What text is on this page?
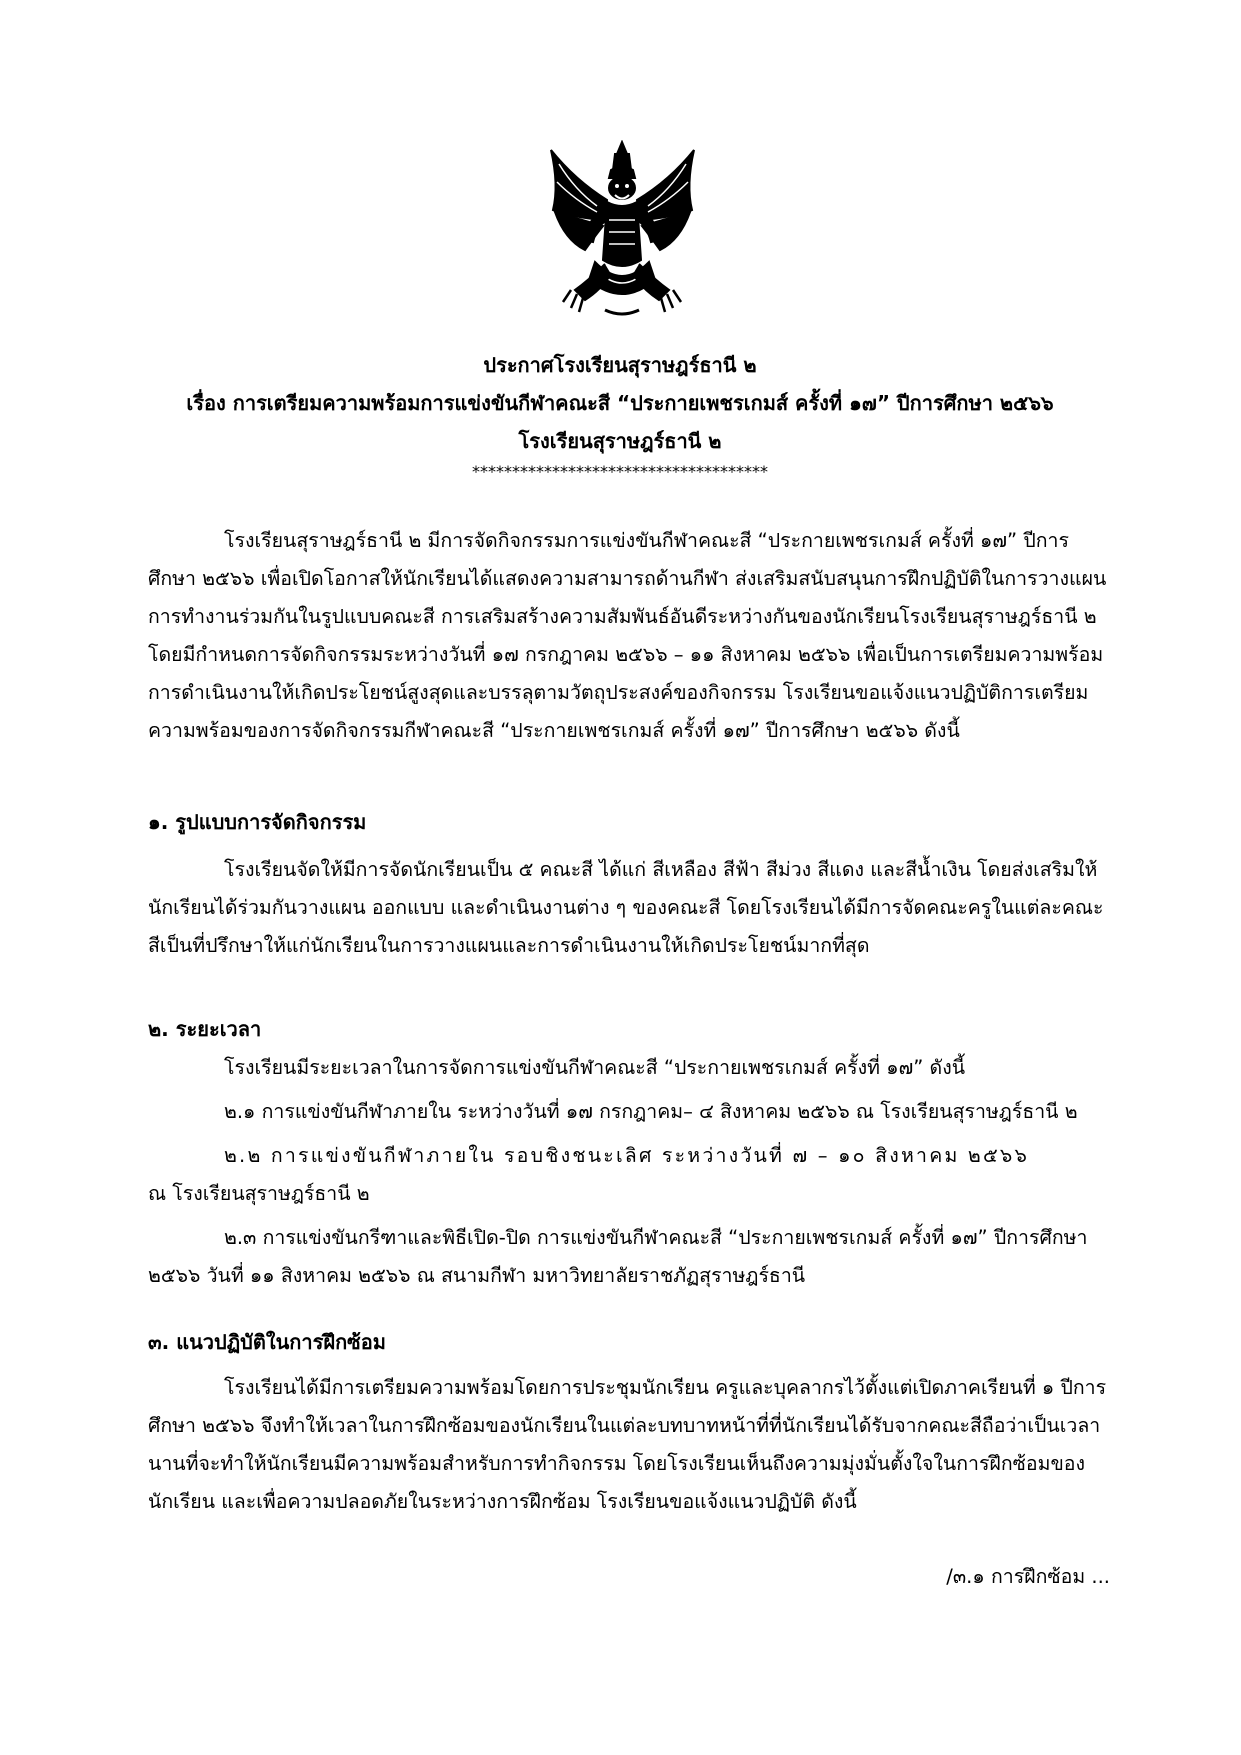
ประกาศโรงเรียนสุราษฎร์ธานี ๒
เรื่อง การเตรียมความพร้อมการแข่งขันกีฬาคณะสี “ประกายเพชรเกมส์ ครั้งที่ ๑๗” ปีการศึกษา ๒๕๖๖
โรงเรียนสุราษฎร์ธานี ๒
*************************************
โรงเรียนสุราษฎร์ธานี ๒ มีการจัดกิจกรรมการแข่งขันกีฬาคณะสี “ประกายเพชรเกมส์ ครั้งที่ ๑๗” ปีการศึกษา ๒๕๖๖ เพื่อเปิดโอกาสให้นักเรียนได้แสดงความสามารถด้านกีฬา ส่งเสริมสนับสนุนการฝึกปฏิบัติในการวางแผน การทำงานร่วมกันในรูปแบบคณะสี การเสริมสร้างความสัมพันธ์อันดีระหว่างกันของนักเรียนโรงเรียนสุราษฎร์ธานี ๒ โดยมีกำหนดการจัดกิจกรรมระหว่างวันที่ ๑๗ กรกฎาคม ๒๕๖๖ – ๑๑ สิงหาคม ๒๕๖๖ เพื่อเป็นการเตรียมความพร้อมการดำเนินงานให้เกิดประโยชน์สูงสุดและบรรลุตามวัตถุประสงค์ของกิจกรรม โรงเรียนขอแจ้งแนวปฏิบัติการเตรียมความพร้อมของการจัดกิจกรรมกีฬาคณะสี “ประกายเพชรเกมส์ ครั้งที่ ๑๗” ปีการศึกษา ๒๕๖๖ ดังนี้
๑. รูปแบบการจัดกิจกรรม
โรงเรียนจัดให้มีการจัดนักเรียนเป็น ๕ คณะสี ได้แก่ สีเหลือง สีฟ้า สีม่วง สีแดง และสีน้ำเงิน โดยส่งเสริมให้นักเรียนได้ร่วมกันวางแผน ออกแบบ และดำเนินงานต่าง ๆ ของคณะสี โดยโรงเรียนได้มีการจัดคณะครูในแต่ละคณะสีเป็นที่ปรึกษาให้แก่นักเรียนในการวางแผนและการดำเนินงานให้เกิดประโยชน์มากที่สุด
๒. ระยะเวลา
โรงเรียนมีระยะเวลาในการจัดการแข่งขันกีฬาคณะสี “ประกายเพชรเกมส์ ครั้งที่ ๑๗” ดังนี้
๒.๑ การแข่งขันกีฬาภายใน ระหว่างวันที่ ๑๗ กรกฎาคม– ๔ สิงหาคม ๒๕๖๖ ณ โรงเรียนสุราษฎร์ธานี ๒
๒.๒ การแข่งขันกีฬาภายใน รอบชิงชนะเลิศ ระหว่างวันที่ ๗ – ๑๐ สิงหาคม ๒๕๖๖
ณ โรงเรียนสุราษฎร์ธานี ๒
๒.๓ การแข่งขันกรีฑาและพิธีเปิด-ปิด การแข่งขันกีฬาคณะสี “ประกายเพชรเกมส์ ครั้งที่ ๑๗” ปีการศึกษา ๒๕๖๖ วันที่ ๑๑ สิงหาคม ๒๕๖๖ ณ สนามกีฬา มหาวิทยาลัยราชภัฏสุราษฎร์ธานี
๓. แนวปฏิบัติในการฝึกซ้อม
โรงเรียนได้มีการเตรียมความพร้อมโดยการประชุมนักเรียน ครูและบุคลากรไว้ตั้งแต่เปิดภาคเรียนที่ ๑ ปีการศึกษา ๒๕๖๖ จึงทำให้เวลาในการฝึกซ้อมของนักเรียนในแต่ละบทบาทหน้าที่ที่นักเรียนได้รับจากคณะสีถือว่าเป็นเวลานานที่จะทำให้นักเรียนมีความพร้อมสำหรับการทำกิจกรรม โดยโรงเรียนเห็นถึงความมุ่งมั่นตั้งใจในการฝึกซ้อมของนักเรียน และเพื่อความปลอดภัยในระหว่างการฝึกซ้อม โรงเรียนขอแจ้งแนวปฏิบัติ ดังนี้
/๓.๑ การฝึกซ้อม ...
